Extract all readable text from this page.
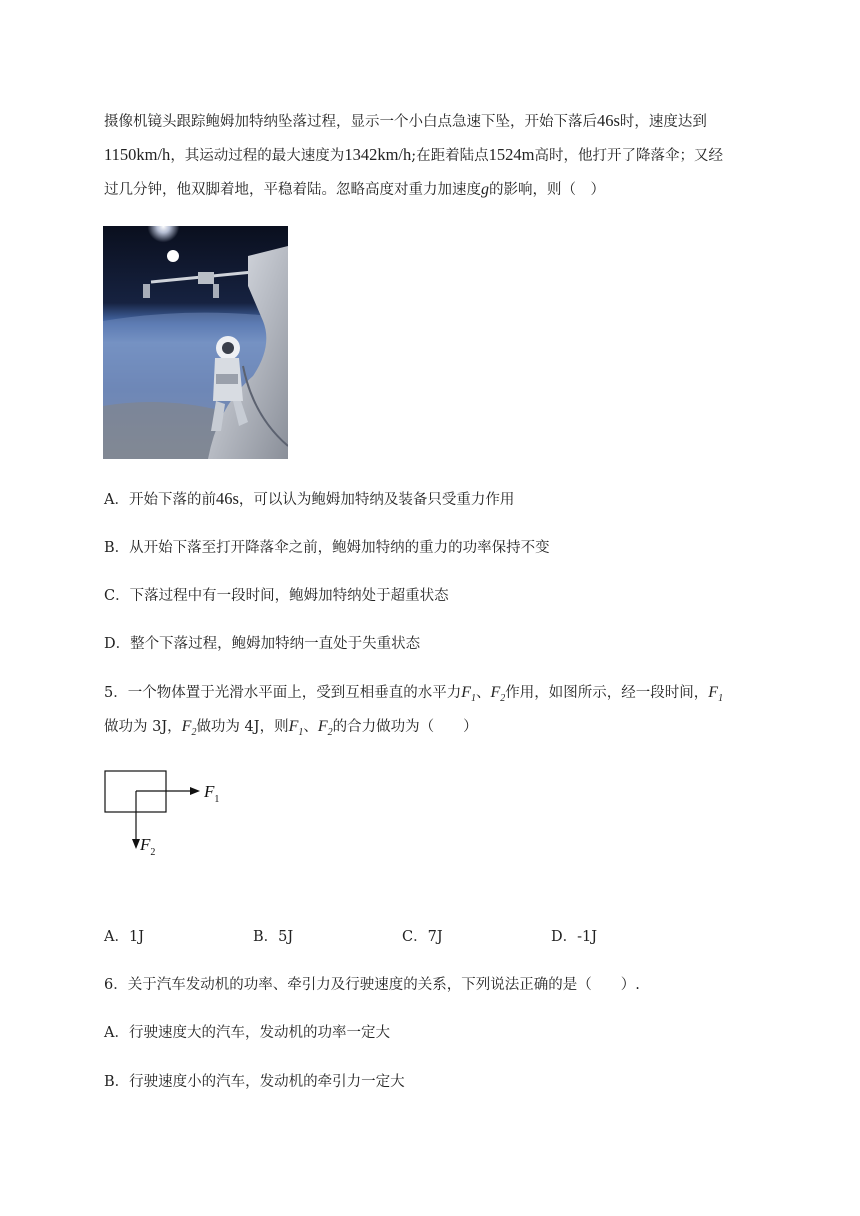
摄像机镜头跟踪鲍姆加特纳坠落过程，显示一个小白点急速下坠，开始下落后46s时，速度达到
1150km/h，其运动过程的最大速度为1342km/h;在距着陆点1524m高时，他打开了降落伞；又经
过几分钟，他双脚着地，平稳着陆。忽略高度对重力加速度g的影响，则（　）
A．开始下落的前46s，可以认为鲍姆加特纳及装备只受重力作用
B．从开始下落至打开降落伞之前，鲍姆加特纳的重力的功率保持不变
C．下落过程中有一段时间，鲍姆加特纳处于超重状态
D．整个下落过程，鲍姆加特纳一直处于失重状态
5．一个物体置于光滑水平面上，受到互相垂直的水平力$F_1$、$F_2$作用，如图所示，经一段时间，$F_1$
做功为 3J，$F_2$做功为 4J，则$F_1$、$F_2$的合力做功为（　　）
$F_1$
$F_2$
A．1J	B．5J	C．7J	D．-1J
6．关于汽车发动机的功率、牵引力及行驶速度的关系，下列说法正确的是（　　）.
A．行驶速度大的汽车，发动机的功率一定大
B．行驶速度小的汽车，发动机的牵引力一定大
